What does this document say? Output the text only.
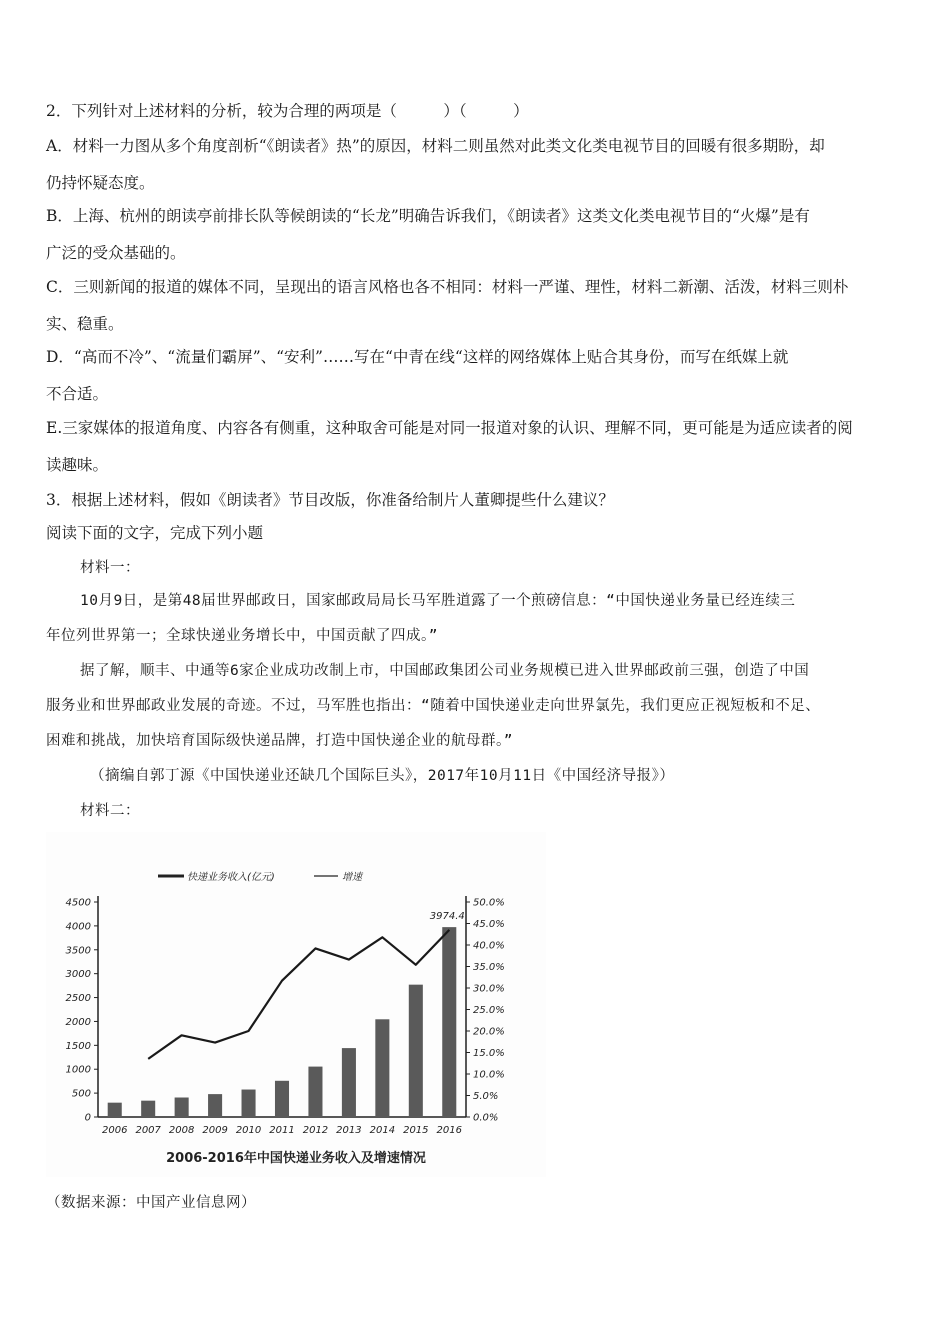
2．下列针对上述材料的分析，较为合理的两项是（　　　）（　　　）
A．材料一力图从多个角度剖析“《朗读者》热”的原因，材料二则虽然对此类文化类电视节目的回暖有很多期盼，却
仍持怀疑态度。
B．上海、杭州的朗读亭前排长队等候朗读的“长龙”明确告诉我们，《朗读者》这类文化类电视节目的“火爆”是有
广泛的受众基础的。
C．三则新闻的报道的媒体不同，呈现出的语言风格也各不相同：材料一严谨、理性，材料二新潮、活泼，材料三则朴
实、稳重。
D．“高而不冷”、“流量们霸屏”、“安利”……写在“中青在线“这样的网络媒体上贴合其身份，而写在纸媒上就
不合适。
E.三家媒体的报道角度、内容各有侧重，这种取舍可能是对同一报道对象的认识、理解不同，更可能是为适应读者的阅
读趣味。
3．根据上述材料，假如《朗读者》节目改版，你准备给制片人董卿提些什么建议？
阅读下面的文字，完成下列小题
材料一：
10月9日，是第48届世界邮政日，国家邮政局局长马军胜道露了一个煎磅信息：“中国快递业务量已经连续三
年位列世界第一；全球快递业务增长中，中国贡献了四成。”
据了解，顺丰、中通等6家企业成功改制上市，中国邮政集团公司业务规模已进入世界邮政前三强，创造了中国
服务业和世界邮政业发展的奇迹。不过，马军胜也指出：“随着中国快递业走向世界氯先，我们更应正视短板和不足、
困难和挑战，加快培育国际级快递品牌，打造中国快递企业的航母群。”
（摘编自郭丁源《中国快递业还缺几个国际巨头》，2017年10月11日《中国经济导报》）
材料二：
0
500
1000
1500
2000
2500
3000
3500
4000
4500
0.0%
5.0%
10.0%
15.0%
20.0%
25.0%
30.0%
35.0%
40.0%
45.0%
50.0%
2006 2007 2008 2009 2010 2011 2012 2013 2014 2015 2016
3974.4
快递业务收入(亿元)	增速
2006-2016年中国快递业务收入及增速情况
（数据来源：中国产业信息网）
